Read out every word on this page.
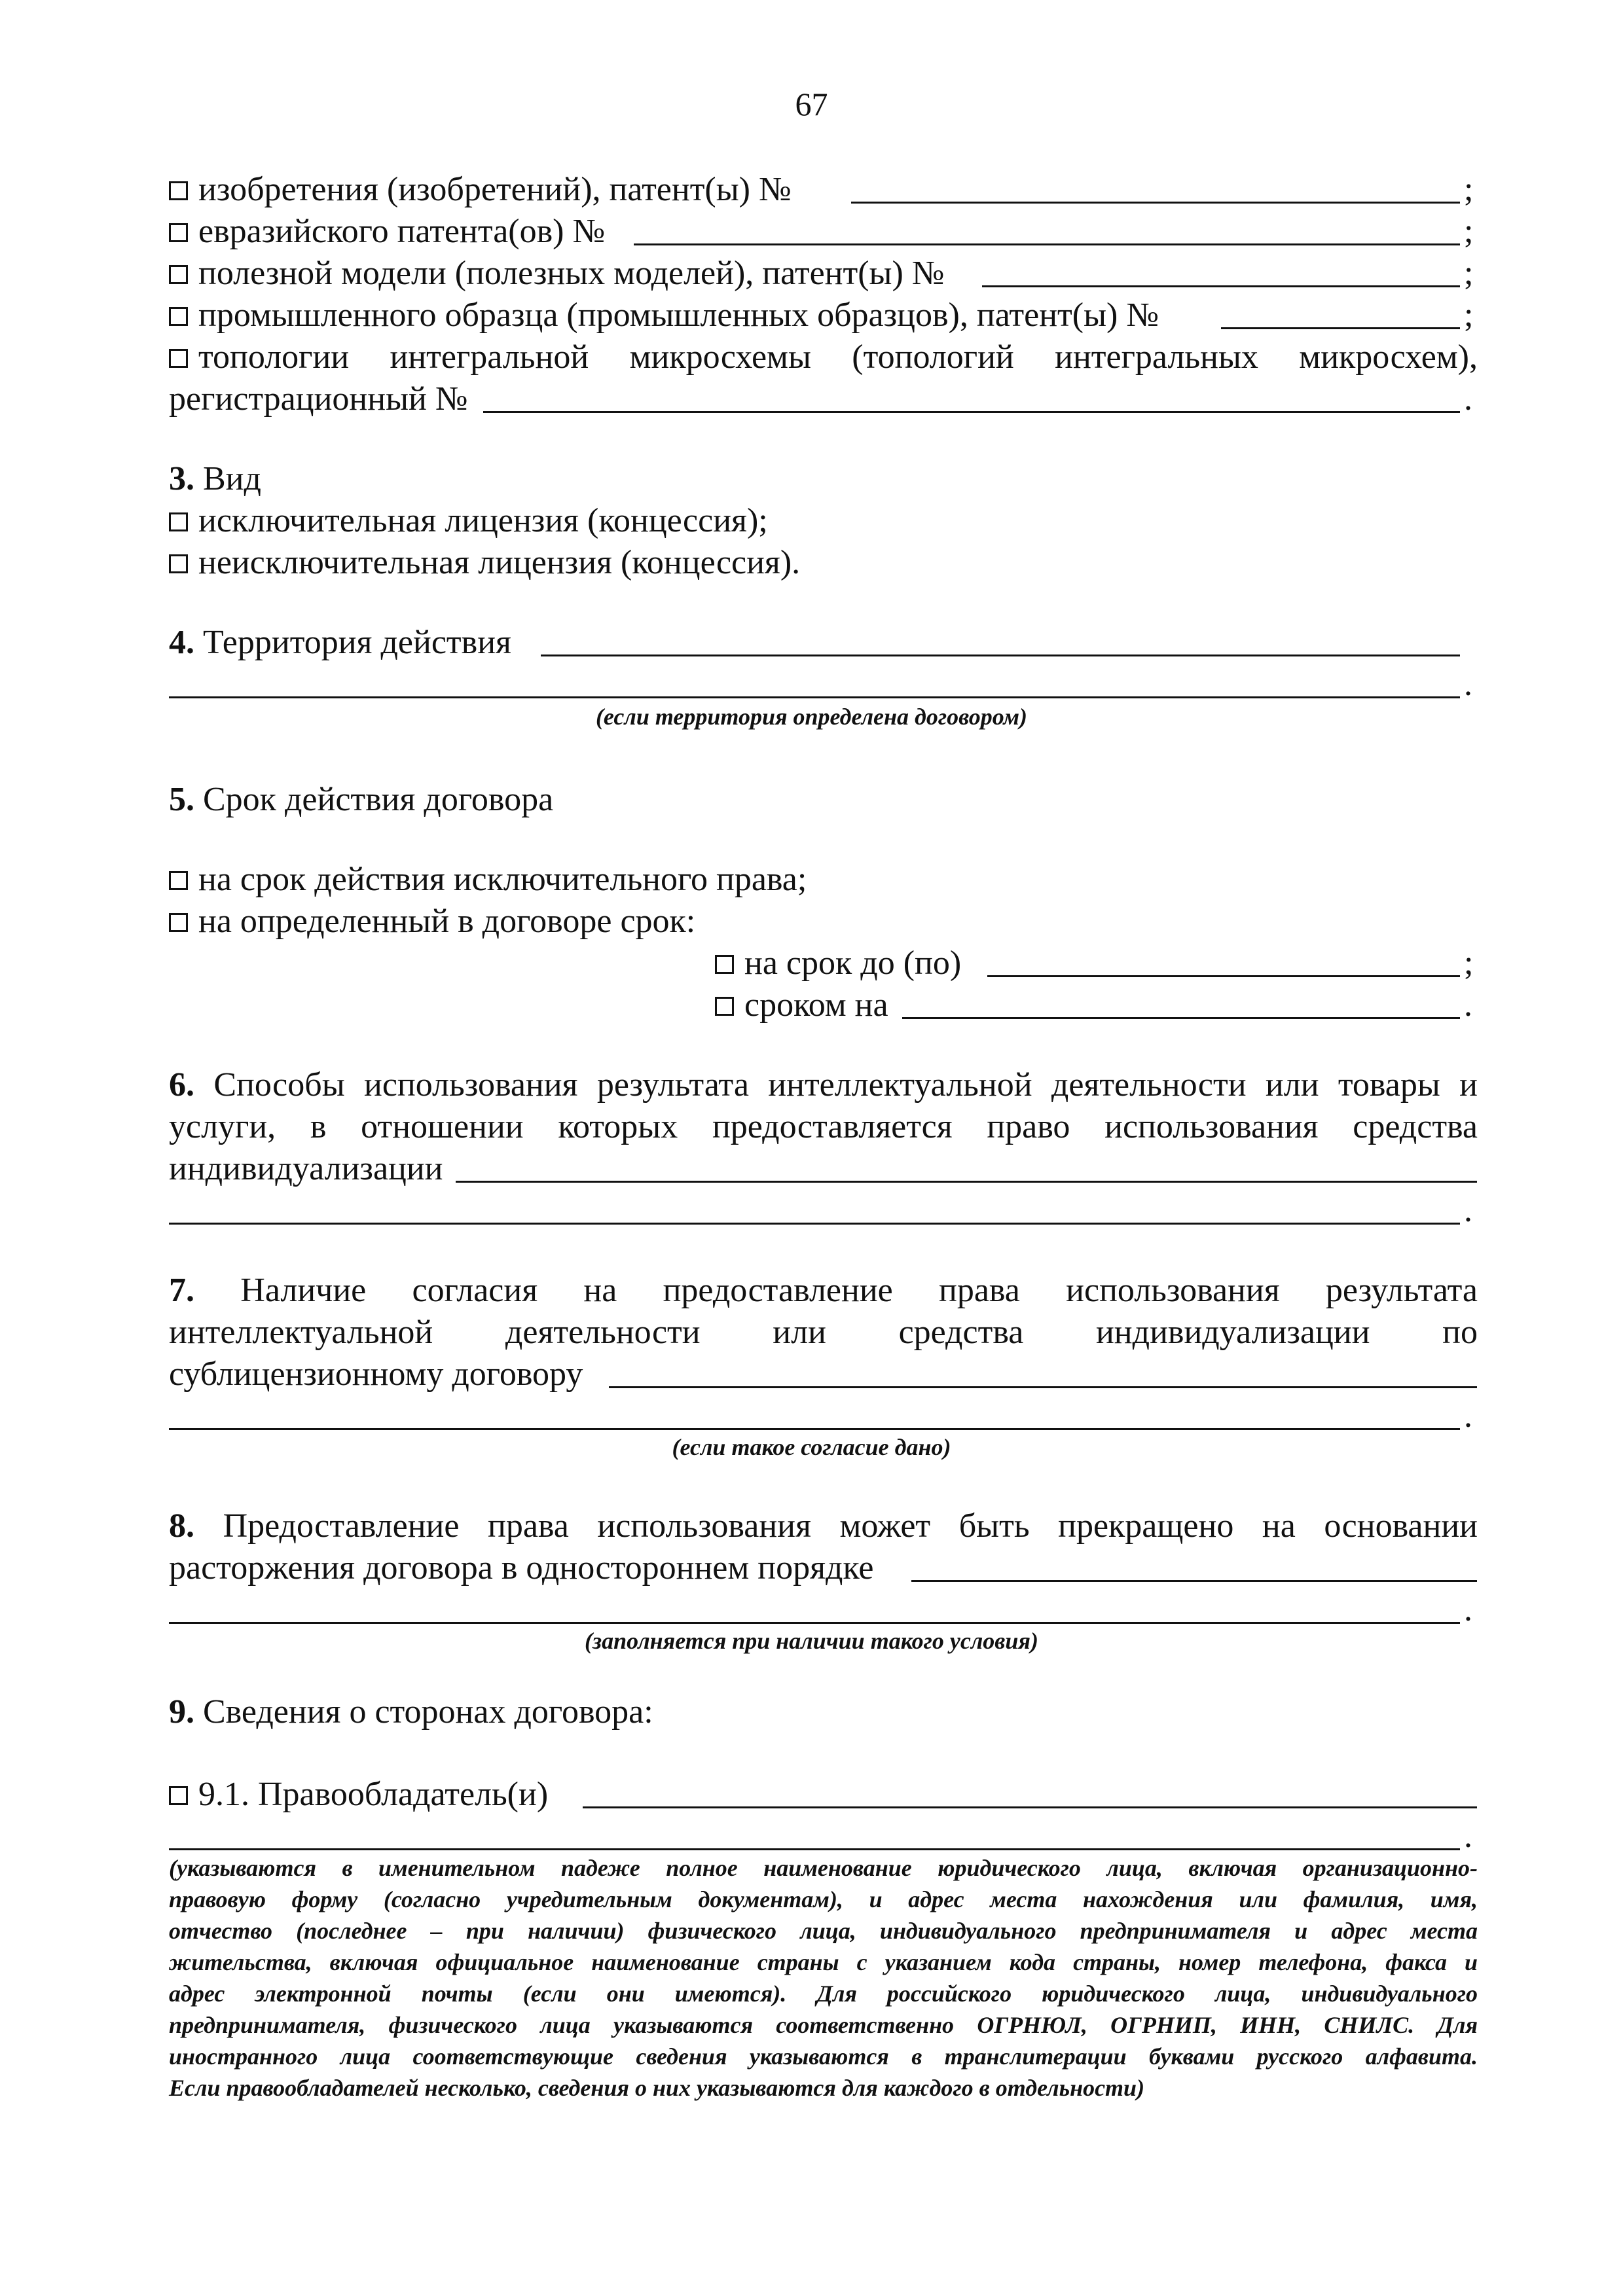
67
изобретения (изобретений), патент(ы) №	;
евразийского патента(ов) №	;
полезной модели (полезных моделей), патент(ы) №	;
промышленного образца (промышленных образцов), патент(ы) №	;
топологии интегральной микросхемы (топологий интегральных микросхем),
регистрационный №	.
3. Вид
исключительная лицензия (концессия);
неисключительная лицензия (концессия).
4. Территория действия
.
(если территория определена договором)
5. Срок действия договора
на срок действия исключительного права;
на определенный в договоре срок:
на срок до (по)	;
сроком на	.
6. Способы использования результата интеллектуальной деятельности или товары и
услуги, в отношении которых предоставляется право использования средства
индивидуализации
.
7. Наличие согласия на предоставление права использования результата
интеллектуальной деятельности или средства индивидуализации по
сублицензионному договору
.
(если такое согласие дано)
8. Предоставление права использования может быть прекращено на основании
расторжения договора в одностороннем порядке
.
(заполняется при наличии такого условия)
9. Сведения о сторонах договора:
9.1. Правообладатель(и)
.
(указываются в именительном падеже полное наименование юридического лица, включая организационно-
правовую форму (согласно учредительным документам), и адрес места нахождения или фамилия, имя,
отчество (последнее – при наличии) физического лица, индивидуального предпринимателя и адрес места
жительства, включая официальное наименование страны с указанием кода страны, номер телефона, факса и
адрес электронной почты (если они имеются). Для российского юридического лица, индивидуального
предпринимателя, физического лица указываются соответственно ОГРНЮЛ, ОГРНИП, ИНН, СНИЛС. Для
иностранного лица соответствующие сведения указываются в транслитерации буквами русского алфавита.
Если правообладателей несколько, сведения о них указываются для каждого в отдельности)
